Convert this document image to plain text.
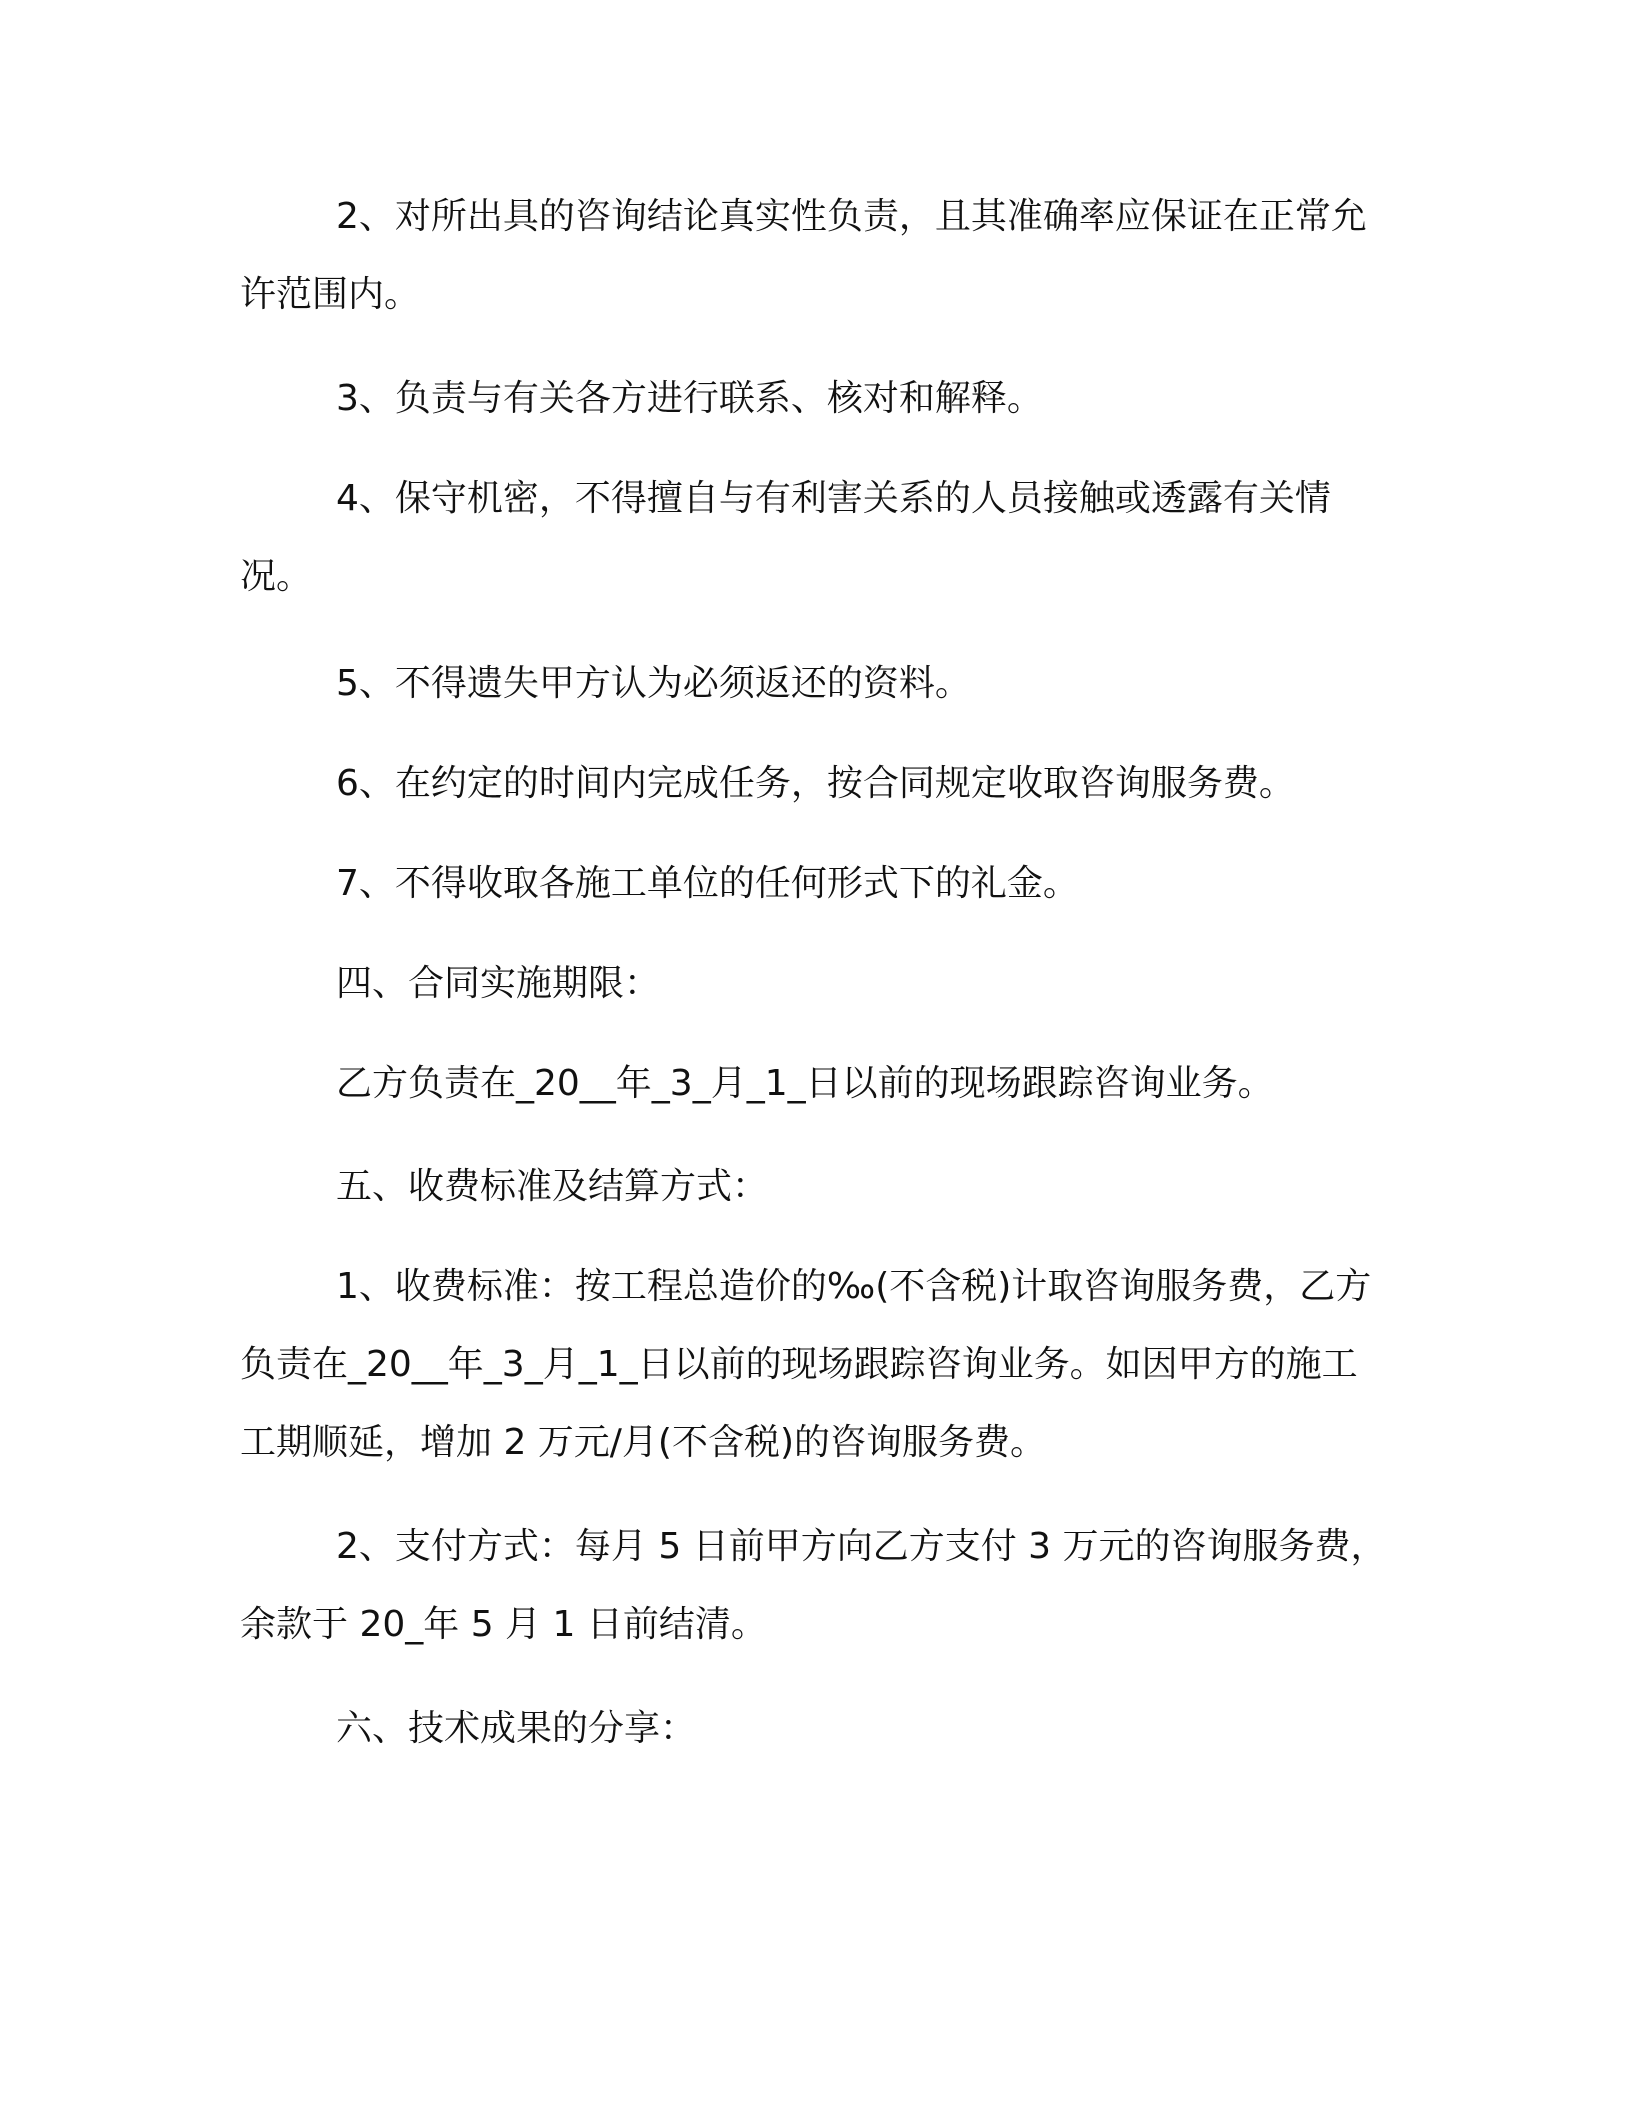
2、对所出具的咨询结论真实性负责，且其准确率应保证在正常允许范围内。

3、负责与有关各方进行联系、核对和解释。

4、保守机密，不得擅自与有利害关系的人员接触或透露有关情况。

5、不得遗失甲方认为必须返还的资料。

6、在约定的时间内完成任务，按合同规定收取咨询服务费。

7、不得收取各施工单位的任何形式下的礼金。

四、合同实施期限：

乙方负责在_20__年_3_月_1_日以前的现场跟踪咨询业务。

五、收费标准及结算方式：

1、收费标准：按工程总造价的‰(不含税)计取咨询服务费，乙方负责在_20__年_3_月_1_日以前的现场跟踪咨询业务。如因甲方的施工工期顺延，增加 2 万元/月(不含税)的咨询服务费。

2、支付方式：每月 5 日前甲方向乙方支付 3 万元的咨询服务费，余款于 20_年 5 月 1 日前结清。

六、技术成果的分享：
